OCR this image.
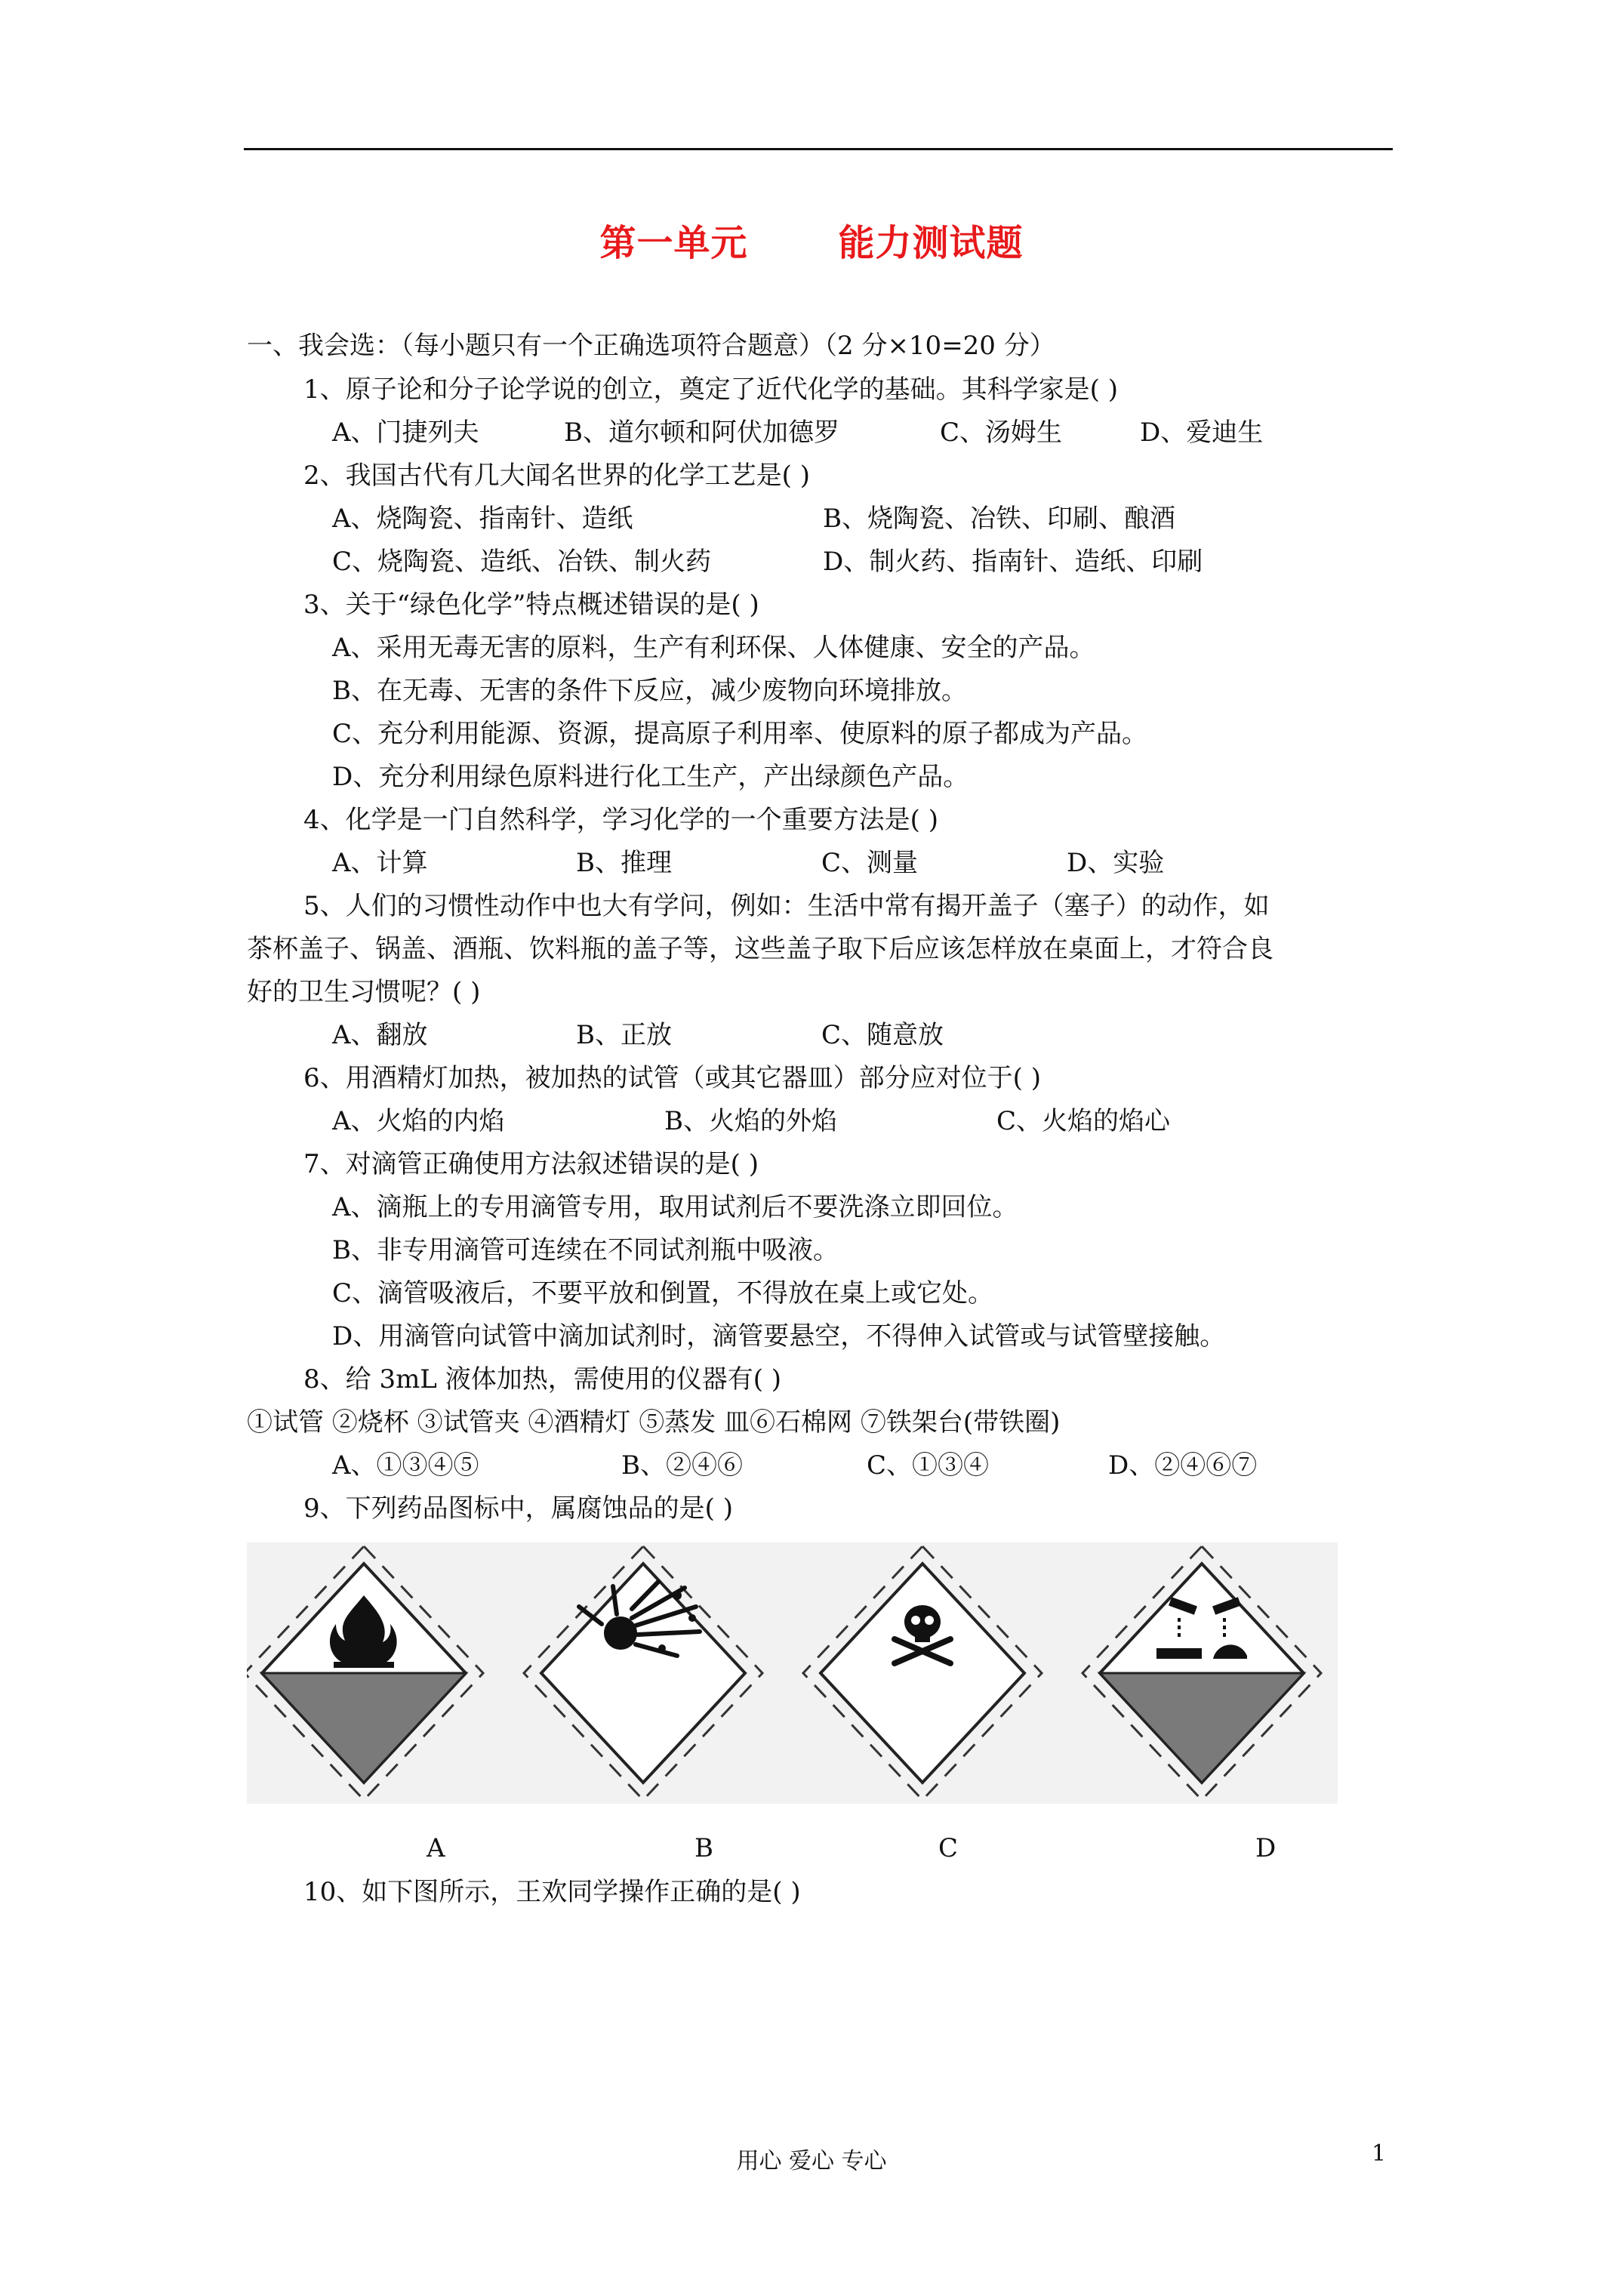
第一单元	能力测试题
一、我会选：（每小题只有一个正确选项符合题意）（2 分×10=20 分）
1、原子论和分子论学说的创立，奠定了近代化学的基础。其科学家是( )
A、门捷列夫	B、道尔顿和阿伏加德罗	C、汤姆生	D、爱迪生
2、我国古代有几大闻名世界的化学工艺是( )
A、烧陶瓷、指南针、造纸	B、烧陶瓷、冶铁、印刷、酿酒
C、烧陶瓷、造纸、冶铁、制火药	D、制火药、指南针、造纸、印刷
3、关于“绿色化学”特点概述错误的是( )
A、采用无毒无害的原料，生产有利环保、人体健康、安全的产品。
B、在无毒、无害的条件下反应，减少废物向环境排放。
C、充分利用能源、资源，提高原子利用率、使原料的原子都成为产品。
D、充分利用绿色原料进行化工生产，产出绿颜色产品。
4、化学是一门自然科学，学习化学的一个重要方法是( )
A、计算	B、推理	C、测量	D、实验
5、人们的习惯性动作中也大有学问，例如：生活中常有揭开盖子（塞子）的动作，如
茶杯盖子、锅盖、酒瓶、饮料瓶的盖子等，这些盖子取下后应该怎样放在桌面上，才符合良
好的卫生习惯呢？( )
A、翻放	B、正放	C、随意放
6、用酒精灯加热，被加热的试管（或其它器皿）部分应对位于( )
A、火焰的内焰	B、火焰的外焰	C、火焰的焰心
7、对滴管正确使用方法叙述错误的是( )
A、滴瓶上的专用滴管专用，取用试剂后不要洗涤立即回位。
B、非专用滴管可连续在不同试剂瓶中吸液。
C、滴管吸液后，不要平放和倒置，不得放在桌上或它处。
D、用滴管向试管中滴加试剂时，滴管要悬空，不得伸入试管或与试管壁接触。
8、给 3mL 液体加热，需使用的仪器有( )
①试管 ②烧杯 ③试管夹 ④酒精灯 ⑤蒸发 皿⑥石棉网 ⑦铁架台(带铁圈)
A、①③④⑤	B、②④⑥	C、①③④	D、②④⑥⑦
9、下列药品图标中，属腐蚀品的是( )
A	B	C	D
10、如下图所示，王欢同学操作正确的是( )
用心 爱心 专心	1
